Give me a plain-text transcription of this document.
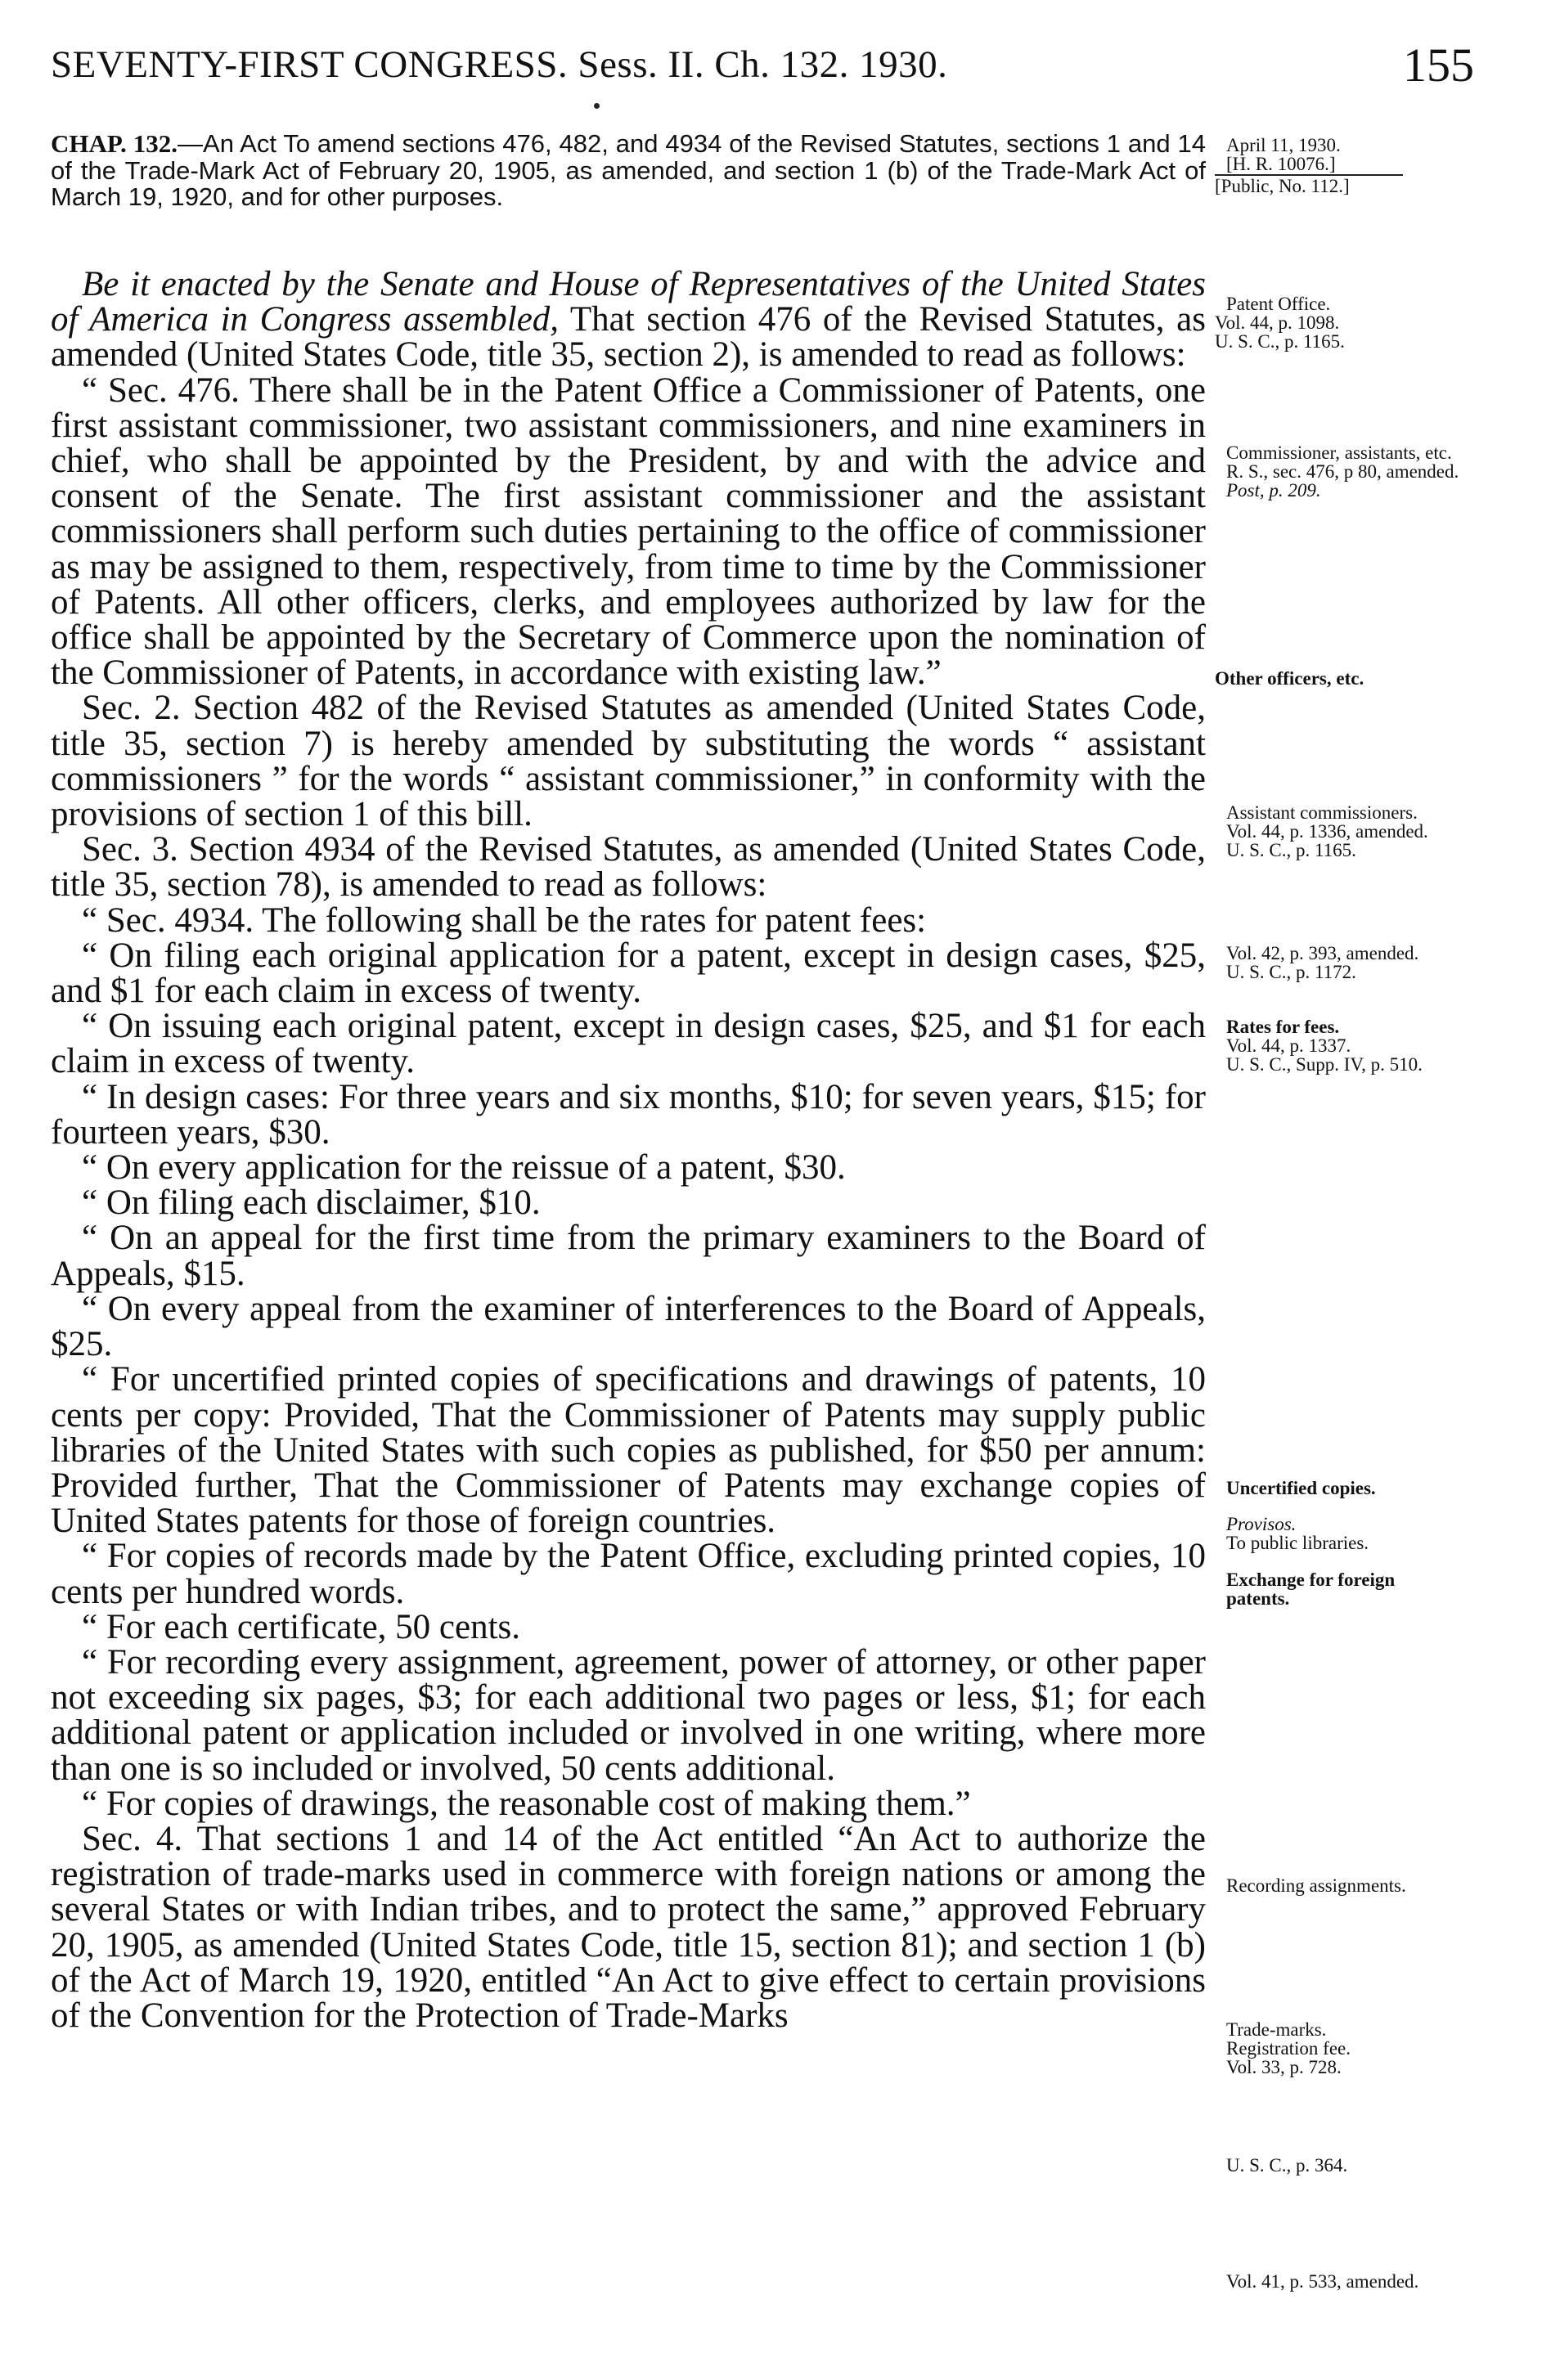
SEVENTY-FIRST CONGRESS. Sess. II. Ch. 132. 1930.	155
CHAP. 132.—An Act To amend sections 476, 482, and 4934 of the Revised Statutes, sections 1 and 14 of the Trade-Mark Act of February 20, 1905, as amended, and section 1 (b) of the Trade-Mark Act of March 19, 1920, and for other purposes.

Be it enacted by the Senate and House of Representatives of the United States of America in Congress assembled, That section 476 of the Revised Statutes, as amended (United States Code, title 35, section 2), is amended to read as follows:

“ Sec. 476. There shall be in the Patent Office a Commissioner of Patents, one first assistant commissioner, two assistant commissioners, and nine examiners in chief, who shall be appointed by the President, by and with the advice and consent of the Senate. The first assistant commissioner and the assistant commissioners shall perform such duties pertaining to the office of commissioner as may be assigned to them, respectively, from time to time by the Commissioner of Patents. All other officers, clerks, and employees authorized by law for the office shall be appointed by the Secretary of Commerce upon the nomination of the Commissioner of Patents, in accordance with existing law.”

Sec. 2. Section 482 of the Revised Statutes as amended (United States Code, title 35, section 7) is hereby amended by substituting the words “ assistant commissioners ” for the words “ assistant commissioner,” in conformity with the provisions of section 1 of this bill.

Sec. 3. Section 4934 of the Revised Statutes, as amended (United States Code, title 35, section 78), is amended to read as follows:

“ Sec. 4934. The following shall be the rates for patent fees:

“ On filing each original application for a patent, except in design cases, $25, and $1 for each claim in excess of twenty.

“ On issuing each original patent, except in design cases, $25, and $1 for each claim in excess of twenty.

“ In design cases: For three years and six months, $10; for seven years, $15; for fourteen years, $30.

“ On every application for the reissue of a patent, $30.

“ On filing each disclaimer, $10.

“ On an appeal for the first time from the primary examiners to the Board of Appeals, $15.

“ On every appeal from the examiner of interferences to the Board of Appeals, $25.

“ For uncertified printed copies of specifications and drawings of patents, 10 cents per copy: Provided, That the Commissioner of Patents may supply public libraries of the United States with such copies as published, for $50 per annum: Provided further, That the Commissioner of Patents may exchange copies of United States patents for those of foreign countries.

“ For copies of records made by the Patent Office, excluding printed copies, 10 cents per hundred words.

“ For each certificate, 50 cents.

“ For recording every assignment, agreement, power of attorney, or other paper not exceeding six pages, $3; for each additional two pages or less, $1; for each additional patent or application included or involved in one writing, where more than one is so included or involved, 50 cents additional.

“ For copies of drawings, the reasonable cost of making them.”

Sec. 4. That sections 1 and 14 of the Act entitled “An Act to authorize the registration of trade-marks used in commerce with foreign nations or among the several States or with Indian tribes, and to protect the same,” approved February 20, 1905, as amended (United States Code, title 15, section 81); and section 1 (b) of the Act of March 19, 1920, entitled “An Act to give effect to certain provisions of the Convention for the Protection of Trade-Marks

April 11, 1930.
[H. R. 10076.]
[Public, No. 112.]
Patent Office.
Vol. 44, p. 1098.
U. S. C., p. 1165.
Commissioner, assistants, etc.
R. S., sec. 476, p 80, amended.
Post, p. 209.
Other officers, etc.
Assistant commissioners.
Vol. 44, p. 1336, amended.
U. S. C., p. 1165.
Vol. 42, p. 393, amended.
U. S. C., p. 1172.
Rates for fees.
Vol. 44, p. 1337.
U. S. C., Supp. IV, p. 510.
Uncertified copies.
Provisos.
To public libraries.
Exchange for foreign patents.
Recording assignments.
Trade-marks.
Registration fee.
Vol. 33, p. 728.
U. S. C., p. 364.
Vol. 41, p. 533, amended.
